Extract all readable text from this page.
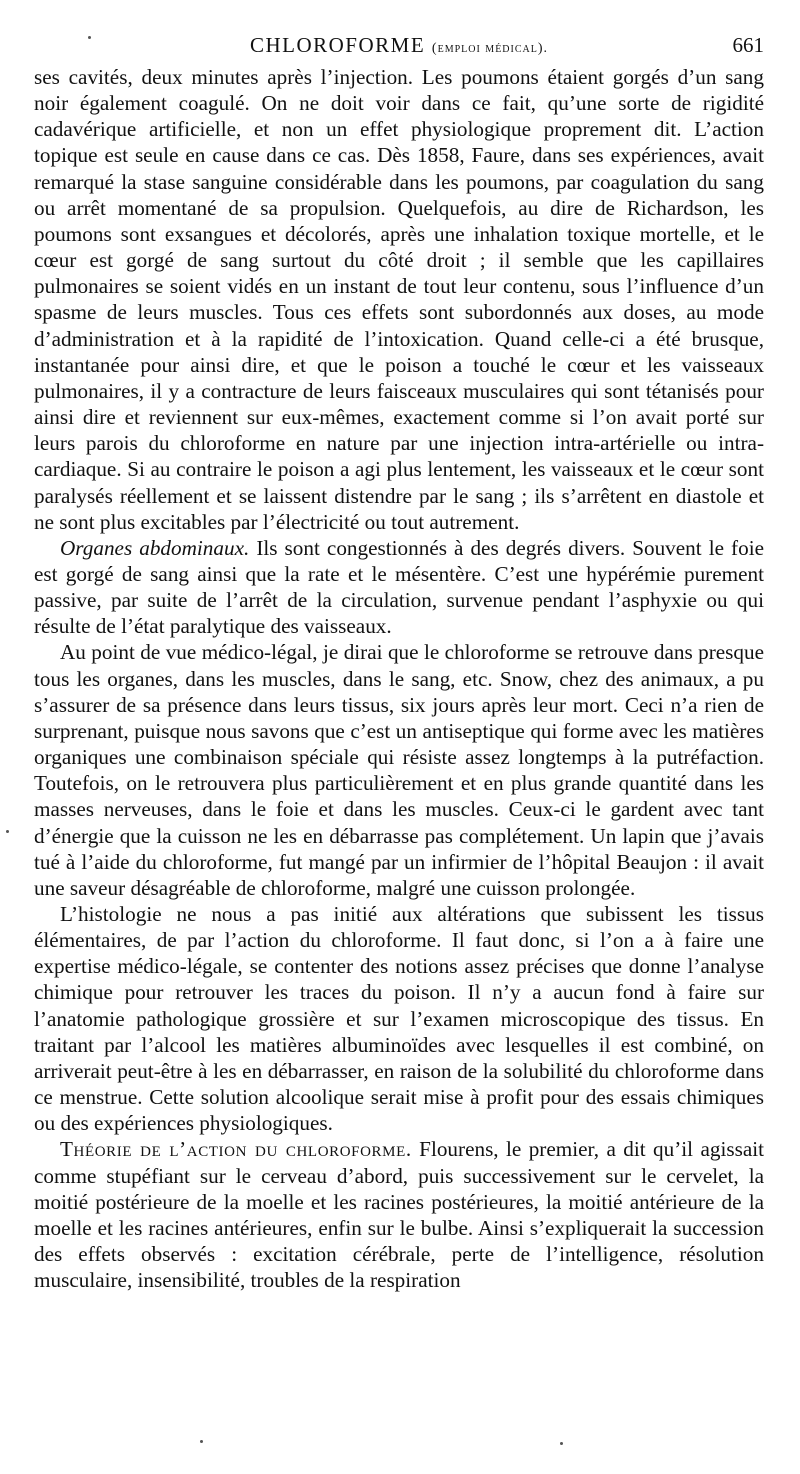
CHLOROFORME (emploi médical).	661

ses cavités, deux minutes après l’injection. Les poumons étaient gorgés d’un sang noir également coagulé. On ne doit voir dans ce fait, qu’une sorte de rigidité cadavérique artificielle, et non un effet physiologique proprement dit. L’action topique est seule en cause dans ce cas. Dès 1858, Faure, dans ses expériences, avait remarqué la stase sanguine considérable dans les poumons, par coagulation du sang ou arrêt momentané de sa propulsion. Quelquefois, au dire de Richardson, les poumons sont exsangues et décolorés, après une inhalation toxique mortelle, et le cœur est gorgé de sang surtout du côté droit ; il semble que les capillaires pulmonaires se soient vidés en un instant de tout leur contenu, sous l’influence d’un spasme de leurs muscles. Tous ces effets sont subordonnés aux doses, au mode d’administration et à la rapidité de l’intoxication. Quand celle-ci a été brusque, instantanée pour ainsi dire, et que le poison a touché le cœur et les vaisseaux pulmonaires, il y a contracture de leurs faisceaux musculaires qui sont tétanisés pour ainsi dire et reviennent sur eux-mêmes, exactement comme si l’on avait porté sur leurs parois du chloroforme en nature par une injection intra-artérielle ou intra-cardiaque. Si au contraire le poison a agi plus lentement, les vaisseaux et le cœur sont paralysés réellement et se laissent distendre par le sang ; ils s’arrêtent en diastole et ne sont plus excitables par l’électricité ou tout autrement.

Organes abdominaux. Ils sont congestionnés à des degrés divers. Souvent le foie est gorgé de sang ainsi que la rate et le mésentère. C’est une hypérémie purement passive, par suite de l’arrêt de la circulation, survenue pendant l’asphyxie ou qui résulte de l’état paralytique des vaisseaux.

Au point de vue médico-légal, je dirai que le chloroforme se retrouve dans presque tous les organes, dans les muscles, dans le sang, etc. Snow, chez des animaux, a pu s’assurer de sa présence dans leurs tissus, six jours après leur mort. Ceci n’a rien de surprenant, puisque nous savons que c’est un antiseptique qui forme avec les matières organiques une combinaison spéciale qui résiste assez longtemps à la putréfaction. Toutefois, on le retrouvera plus particulièrement et en plus grande quantité dans les masses nerveuses, dans le foie et dans les muscles. Ceux-ci le gardent avec tant d’énergie que la cuisson ne les en débarrasse pas complétement. Un lapin que j’avais tué à l’aide du chloroforme, fut mangé par un infirmier de l’hôpital Beaujon : il avait une saveur désagréable de chloroforme, malgré une cuisson prolongée.

L’histologie ne nous a pas initié aux altérations que subissent les tissus élémentaires, de par l’action du chloroforme. Il faut donc, si l’on a à faire une expertise médico-légale, se contenter des notions assez précises que donne l’analyse chimique pour retrouver les traces du poison. Il n’y a aucun fond à faire sur l’anatomie pathologique grossière et sur l’examen microscopique des tissus. En traitant par l’alcool les matières albuminoïdes avec lesquelles il est combiné, on arriverait peut-être à les en débarrasser, en raison de la solubilité du chloroforme dans ce menstrue. Cette solution alcoolique serait mise à profit pour des essais chimiques ou des expériences physiologiques.

Théorie de l’action du chloroforme. Flourens, le premier, a dit qu’il agissait comme stupéfiant sur le cerveau d’abord, puis successivement sur le cervelet, la moitié postérieure de la moelle et les racines postérieures, la moitié antérieure de la moelle et les racines antérieures, enfin sur le bulbe. Ainsi s’expliquerait la succession des effets observés : excitation cérébrale, perte de l’intelligence, résolution musculaire, insensibilité, troubles de la respiration
